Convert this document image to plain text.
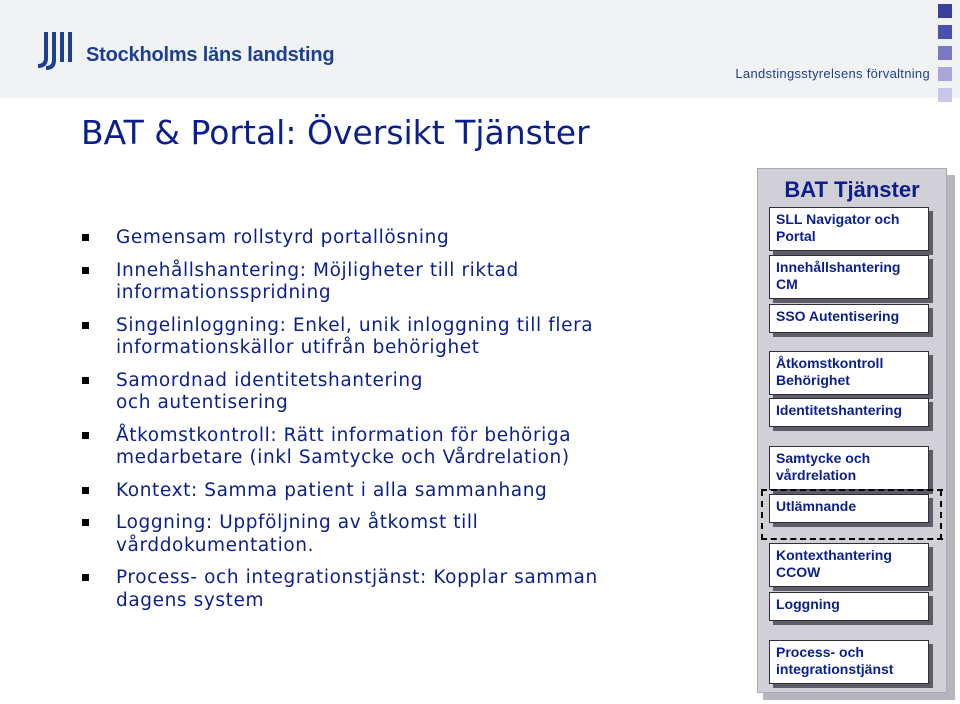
Stockholms läns landsting
Landstingsstyrelsens förvaltning
BAT & Portal: Översikt Tjänster
Gemensam rollstyrd portallösning
Innehållshantering: Möjligheter till riktad
informationsspridning
Singelinloggning: Enkel, unik inloggning till flera
informationskällor utifrån behörighet
Samordnad identitetshantering
och autentisering
Åtkomstkontroll: Rätt information för behöriga
medarbetare (inkl Samtycke och Vårdrelation)
Kontext: Samma patient i alla sammanhang
Loggning: Uppföljning av åtkomst till
vårddokumentation.
Process- och integrationstjänst: Kopplar samman
dagens system
BAT Tjänster
SLL Navigator och
Portal
Innehållshantering
CM
SSO Autentisering
Åtkomstkontroll
Behörighet
Identitetshantering
Samtycke och
vårdrelation
Utlämnande
Kontexthantering
CCOW
Loggning
Process- och
integrationstjänst
